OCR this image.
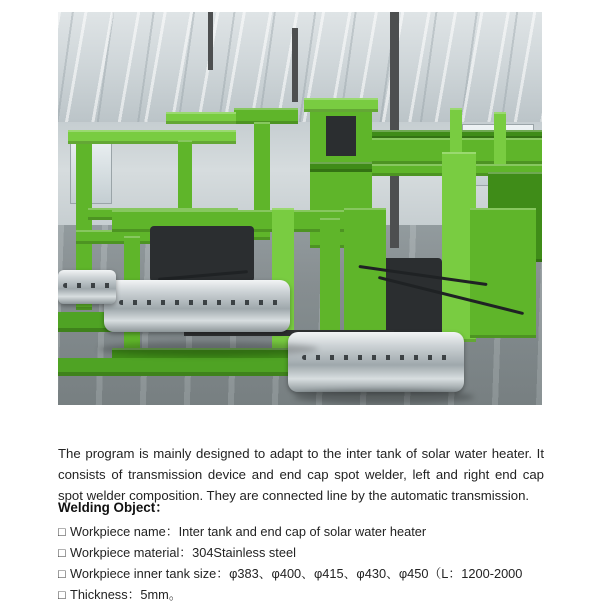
The program is mainly designed to adapt to the inter tank of solar water heater. It consists of transmission device and end cap spot welder, left and right end cap spot welder composition. They are connected line by the automatic transmission.

Welding Object：
□ Workpiece name：Inter tank and end cap of solar water heater
□ Workpiece material：304Stainless steel
□ Workpiece inner tank size：φ383、φ400、φ415、φ430、φ450（L：1200-2000
□ Thickness：5mm。
